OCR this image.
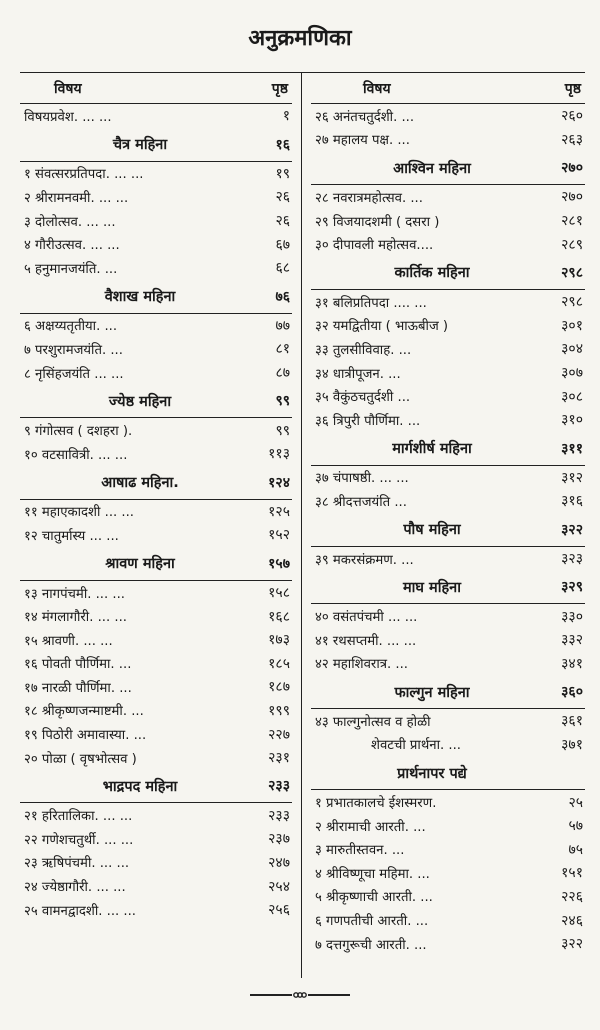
अनुक्रमणिका
विषय	पृष्ठ
विषयप्रवेश. ... ...	१
चैत्र महिना	१६
१ संवत्सरप्रतिपदा. ... ...	१९
२ श्रीरामनवमी. ... ...	२६
३ दोलोत्सव. ... ...	२६
४ गौरीउत्सव. ... ...	६७
५ हनुमानजयंति. ...	६८
वैशाख महिना	७६
६ अक्षय्यतृतीया. ...	७७
७ परशुरामजयंति. ...	८१
८ नृसिंहजयंति ... ...	८७
ज्येष्ठ महिना	९९
९ गंगोत्सव ( दशहरा ).	९९
१० वटसावित्री. ... ...	११३
आषाढ महिना.	१२४
११ महाएकादशी ... ...	१२५
१२ चातुर्मास्य ... ...	१५२
श्रावण महिना	१५७
१३ नागपंचमी. ... ...	१५८
१४ मंगलागौरी. ... ...	१६८
१५ श्रावणी. ... ...	१७३
१६ पोवती पौर्णिमा. ...	१८५
१७ नारळी पौर्णिमा. ...	१८७
१८ श्रीकृष्णजन्माष्टमी. ...	१९९
१९ पिठोरी अमावास्या. ...	२२७
२० पोळा ( वृषभोत्सव )	२३१
भाद्रपद महिना	२३३
२१ हरितालिका. ... ...	२३३
२२ गणेशचतुर्थी. ... ...	२३७
२३ ऋषिपंचमी. ... ...	२४७
२४ ज्येष्ठागौरी. ... ...	२५४
२५ वामनद्वादशी. ... ...	२५६
विषय	पृष्ठ
२६ अनंतचतुर्दशी. ...	२६०
२७ महालय पक्ष. ...	२६३
आश्विन महिना	२७०
२८ नवरात्रमहोत्सव. ...	२७०
२९ विजयादशमी ( दसरा )	२८१
३० दीपावली महोत्सव....	२८९
कार्तिक महिना	२९८
३१ बलिप्रतिपदा .... ...	२९८
३२ यमद्वितीया ( भाऊबीज )	३०१
३३ तुलसीविवाह. ...	३०४
३४ धात्रीपूजन. ...	३०७
३५ वैकुंठचतुर्दशी ...	३०८
३६ त्रिपुरी पौर्णिमा. ...	३१०
मार्गशीर्ष महिना	३११
३७ चंपाषष्ठी. ... ...	३१२
३८ श्रीदत्तजयंति ...	३१६
पौष महिना	३२२
३९ मकरसंक्रमण. ...	३२३
माघ महिना	३२९
४० वसंतपंचमी ... ...	३३०
४१ रथसप्तमी. ... ...	३३२
४२ महाशिवरात्र. ...	३४१
फाल्गुन महिना	३६०
४३ फाल्गुनोत्सव व होळी	३६१
शेवटची प्रार्थना. ...	३७१
प्रार्थनापर पद्ये
१ प्रभातकालचे ईशस्मरण.	२५
२ श्रीरामाची आरती. ...	५७
३ मारुतीस्तवन. ...	७५
४ श्रीविष्णूचा महिमा. ...	१५१
५ श्रीकृष्णाची आरती. ...	२२६
६ गणपतीची आरती. ...	२४६
७ दत्तगुरूची आरती. ...	३२२
